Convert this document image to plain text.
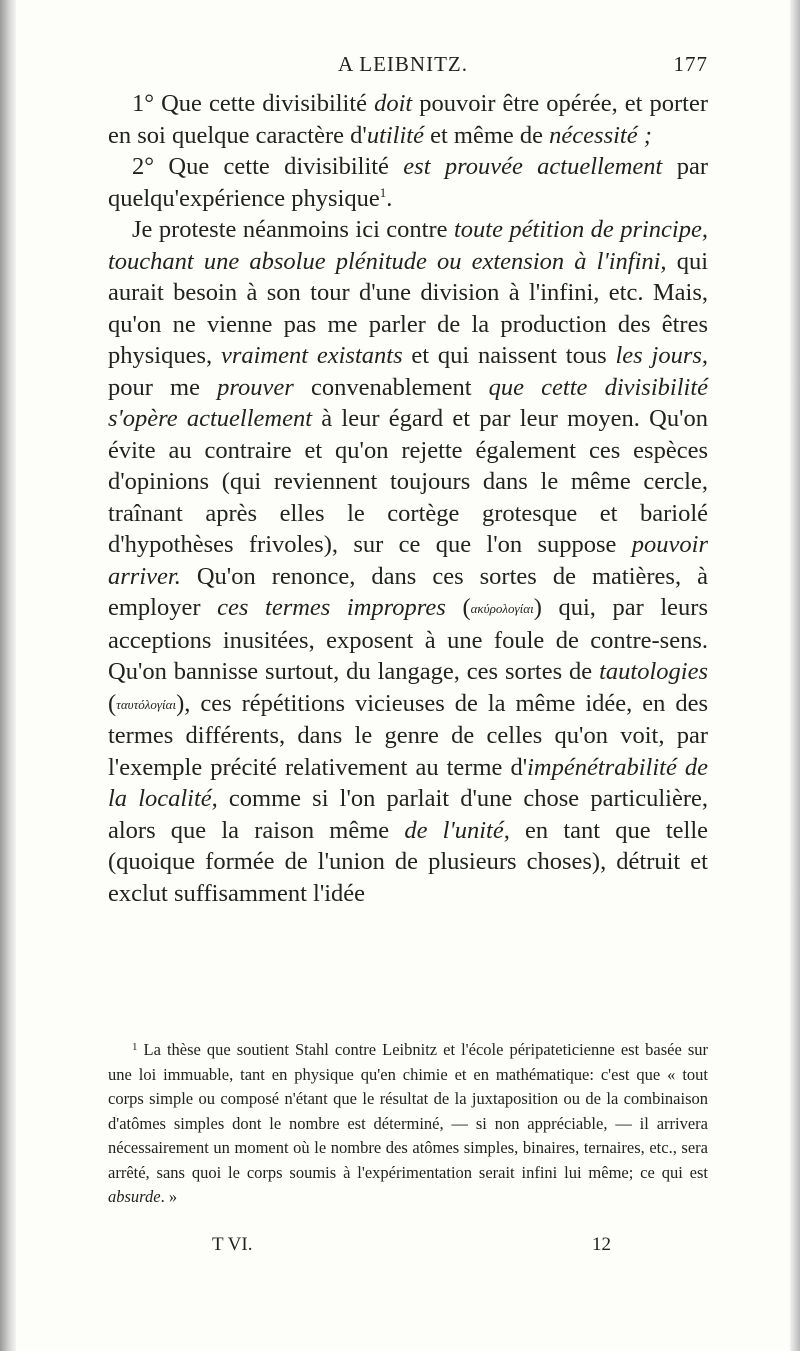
A LEIBNITZ.	177

1° Que cette divisibilité doit pouvoir être opérée, et porter en soi quelque caractère d'utilité et même de nécessité ;

2° Que cette divisibilité est prouvée actuellement par quelqu'expérience physique$^1$.

Je proteste néanmoins ici contre toute pétition de principe, touchant une absolue plénitude ou extension à l'infini, qui aurait besoin à son tour d'une division à l'infini, etc. Mais, qu'on ne vienne pas me parler de la production des êtres physiques, vraiment existants et qui naissent tous les jours, pour me prouver convenablement que cette divisibilité s'opère actuellement à leur égard et par leur moyen. Qu'on évite au contraire et qu'on rejette également ces espèces d'opinions (qui reviennent toujours dans le même cercle, traînant après elles le cortège grotesque et bariolé d'hypothèses frivoles), sur ce que l'on suppose pouvoir arriver. Qu'on renonce, dans ces sortes de matières, à employer ces termes impropres (ακύρολογίαι) qui, par leurs acceptions inusitées, exposent à une foule de contre-sens. Qu'on bannisse surtout, du langage, ces sortes de tautologies (ταυτόλογίαι), ces répétitions vicieuses de la même idée, en des termes différents, dans le genre de celles qu'on voit, par l'exemple précité relativement au terme d'impénétrabilité de la localité, comme si l'on parlait d'une chose particulière, alors que la raison même de l'unité, en tant que telle (quoique formée de l'union de plusieurs choses), détruit et exclut suffisamment l'idée

$^1$ La thèse que soutient Stahl contre Leibnitz et l'école péripateticienne est basée sur une loi immuable, tant en physique qu'en chimie et en mathématique: c'est que « tout corps simple ou composé n'étant que le résultat de la juxtaposition ou de la combinaison d'atômes simples dont le nombre est déterminé, — si non appréciable, — il arrivera nécessairement un moment où le nombre des atômes simples, binaires, ternaires, etc., sera arrêté, sans quoi le corps soumis à l'expérimentation serait infini lui même; ce qui est absurde. »

T VI.	12
